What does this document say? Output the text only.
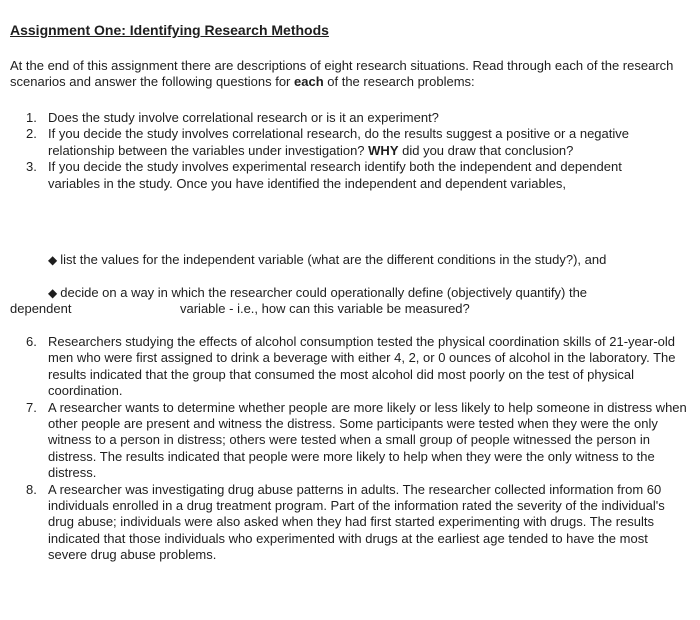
Assignment One: Identifying Research Methods

At the end of this assignment there are descriptions of eight research situations. Read through each of the research scenarios and answer the following questions for each of the research problems:

1. Does the study involve correlational research or is it an experiment?
2. If you decide the study involves correlational research, do the results suggest a positive or a negative relationship between the variables under investigation? WHY did you draw that conclusion?
3. If you decide the study involves experimental research identify both the independent and dependent variables in the study. Once you have identified the independent and dependent variables,
◆ list the values for the independent variable (what are the different conditions in the study?), and
◆ decide on a way in which the researcher could operationally define (objectively quantify) the
dependent	variable - i.e., how can this variable be measured?
6. Researchers studying the effects of alcohol consumption tested the physical coordination skills of 21-year-old men who were first assigned to drink a beverage with either 4, 2, or 0 ounces of alcohol in the laboratory. The results indicated that the group that consumed the most alcohol did most poorly on the test of physical coordination.
7. A researcher wants to determine whether people are more likely or less likely to help someone in distress when other people are present and witness the distress. Some participants were tested when they were the only witness to a person in distress; others were tested when a small group of people witnessed the person in distress. The results indicated that people were more likely to help when they were the only witness to the distress.
8. A researcher was investigating drug abuse patterns in adults. The researcher collected information from 60 individuals enrolled in a drug treatment program. Part of the information rated the severity of the individual's drug abuse; individuals were also asked when they had first started experimenting with drugs. The results indicated that those individuals who experimented with drugs at the earliest age tended to have the most severe drug abuse problems.
